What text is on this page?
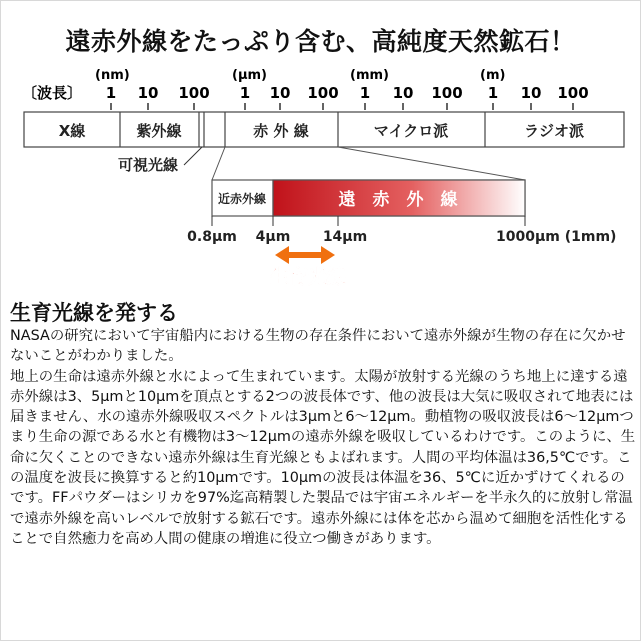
遠赤外線をたっぷり含む、高純度天然鉱石！
〔波長〕
(nm)	(μm)	(mm)	(m)
1 10 100 1 10 100 1 10 100 1 10 100
X線	紫外線	赤 外 線	マイクロ派	ラジオ派
可視光線
近赤外線	遠　赤　外　線
0.8μm 4μm 14μm	1000μm (1mm)
生育光線
生育光線を発する

NASAの研究において宇宙船内における生物の存在条件において遠赤外線が生物の存在に欠かせないことがわかりました。

地上の生命は遠赤外線と水によって生まれています。太陽が放射する光線のうち地上に達する遠赤外線は3、5μmと10μmを頂点とする2つの波長体です、他の波長は大気に吸収されて地表には届きません、水の遠赤外線吸収スペクトルは3μmと6～12μm。動植物の吸収波長は6～12μmつまり生命の源である水と有機物は3～12μmの遠赤外線を吸収しているわけです。このように、生命に欠くことのできない遠赤外線は生育光線ともよばれます。人間の平均体温は36,5℃です。この温度を波長に換算すると約10μmです。10μmの波長は体温を36、5℃に近かずけてくれるのです。FFパウダーはシリカを97%迄高精製した製品では宇宙エネルギーを半永久的に放射し常温で遠赤外線を高いレベルで放射する鉱石です。遠赤外線には体を芯から温めて細胞を活性化することで自然癒力を高め人間の健康の増進に役立つ働きがあります。
